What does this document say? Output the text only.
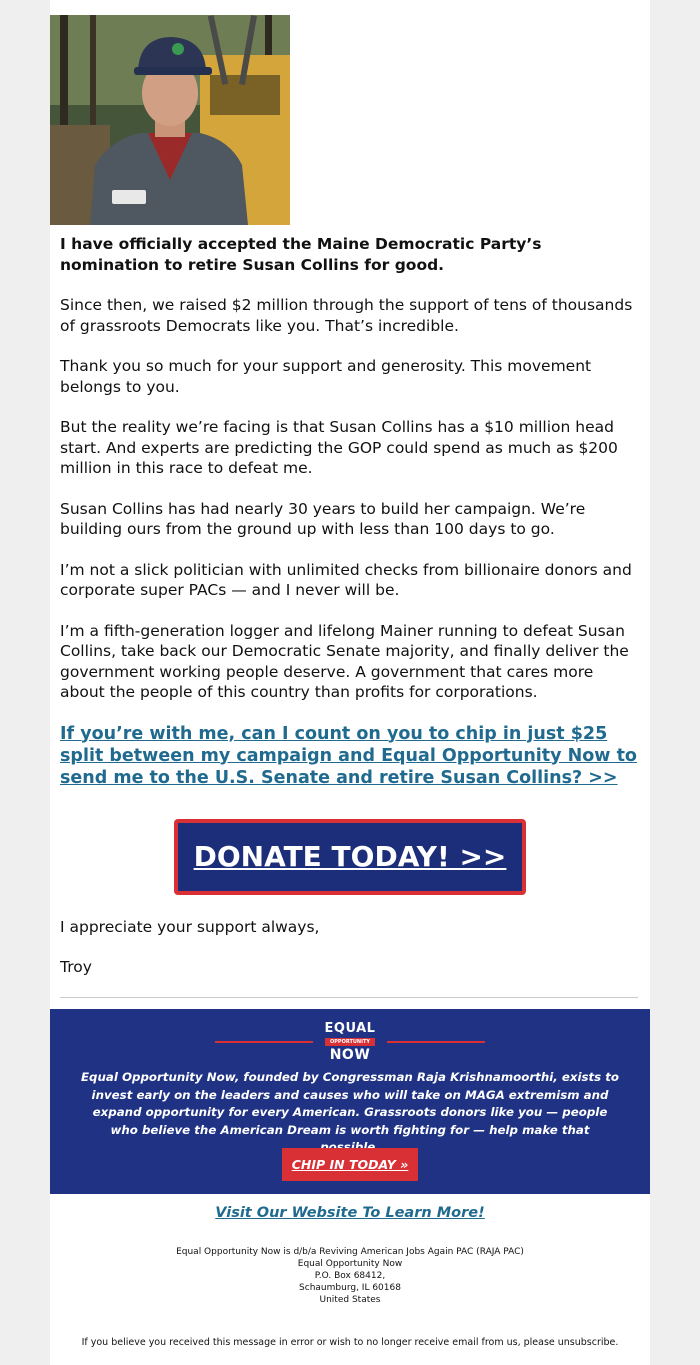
I have officially accepted the Maine Democratic Party’s nomination to retire Susan Collins for good.

Since then, we raised $2 million through the support of tens of thousands of grassroots Democrats like you. That’s incredible.

Thank you so much for your support and generosity. This movement belongs to you.

But the reality we’re facing is that Susan Collins has a $10 million head start. And experts are predicting the GOP could spend as much as $200 million in this race to defeat me.

Susan Collins has had nearly 30 years to build her campaign. We’re building ours from the ground up with less than 100 days to go.

I’m not a slick politician with unlimited checks from billionaire donors and corporate super PACs — and I never will be.

I’m a fifth-generation logger and lifelong Mainer running to defeat Susan Collins, take back our Democratic Senate majority, and finally deliver the government working people deserve. A government that cares more about the people of this country than profits for corporations.

If you’re with me, can I count on you to chip in just $25 split between my campaign and Equal Opportunity Now to send me to the U.S. Senate and retire Susan Collins? >>
DONATE TODAY! >>

I appreciate your support always,

Troy

EQUAL
OPPORTUNITY
NOW
Equal Opportunity Now, founded by Congressman Raja Krishnamoorthi, exists to invest early on the leaders and causes who will take on MAGA extremism and expand opportunity for every American. Grassroots donors like you — people who believe the American Dream is worth fighting for — help make that
CHIP IN TODAY »
Visit Our Website To Learn More!
Equal Opportunity Now is d/b/a Reviving American Jobs Again PAC (RAJA PAC)
Equal Opportunity Now
P.O. Box 68412,
Schaumburg, IL 60168
United States
If you believe you received this message in error or wish to no longer receive email from us, please unsubscribe.
